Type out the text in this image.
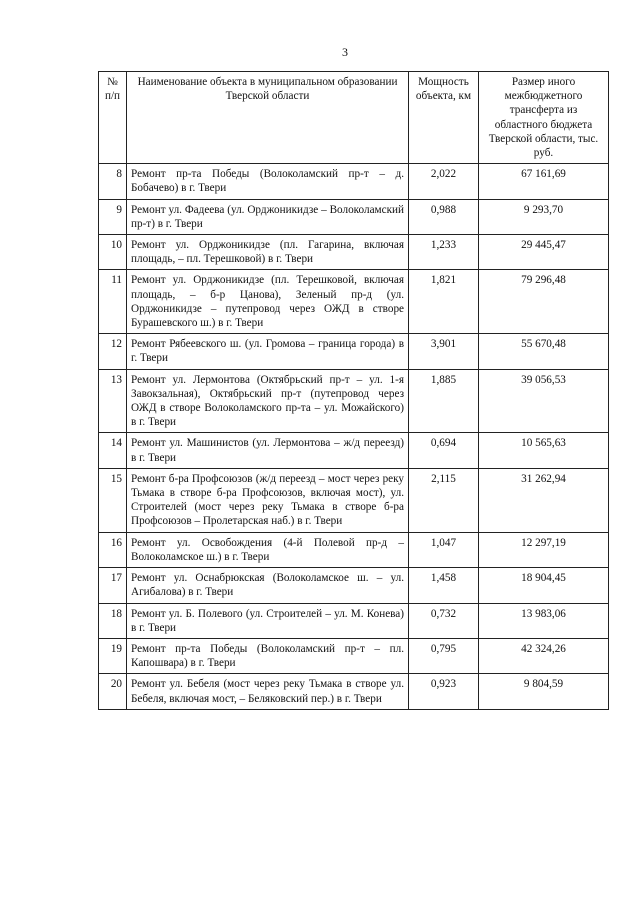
3
№ п/п	Наименование объекта в муниципальном образовании Тверской области	Мощность объекта, км	Размер иного межбюджетного трансферта из областного бюджета Тверской области, тыс. руб.
8	Ремонт пр-та Победы (Волоколамский пр-т – д. Бобачево) в г. Твери	2,022	67 161,69
9	Ремонт ул. Фадеева (ул. Орджоникидзе – Волоколамский пр-т) в г. Твери	0,988	9 293,70
10	Ремонт ул. Орджоникидзе (пл. Гагарина, включая площадь, – пл. Терешковой) в г. Твери	1,233	29 445,47
11	Ремонт ул. Орджоникидзе (пл. Терешковой, включая площадь, – б-р Цанова), Зеленый пр-д (ул. Орджоникидзе – путепровод через ОЖД в створе Бурашевского ш.) в г. Твери	1,821	79 296,48
12	Ремонт Рябеевского ш. (ул. Громова – граница города) в г. Твери	3,901	55 670,48
13	Ремонт ул. Лермонтова (Октябрьский пр-т – ул. 1-я Завокзальная), Октябрьский пр-т (путепровод через ОЖД в створе Волоколамского пр-та – ул. Можайского) в г. Твери	1,885	39 056,53
14	Ремонт ул. Машинистов (ул. Лермонтова – ж/д переезд) в г. Твери	0,694	10 565,63
15	Ремонт б-ра Профсоюзов (ж/д переезд – мост через реку Тьмака в створе б-ра Профсоюзов, включая мост), ул. Строителей (мост через реку Тьмака в створе б-ра Профсоюзов – Пролетарская наб.) в г. Твери	2,115	31 262,94
16	Ремонт ул. Освобождения (4-й Полевой пр-д – Волоколамское ш.) в г. Твери	1,047	12 297,19
17	Ремонт ул. Оснабрюкская (Волоколамское ш. – ул. Агибалова) в г. Твери	1,458	18 904,45
18	Ремонт ул. Б. Полевого (ул. Строителей – ул. М. Конева) в г. Твери	0,732	13 983,06
19	Ремонт пр-та Победы (Волоколамский пр-т – пл. Капошвара) в г. Твери	0,795	42 324,26
20	Ремонт ул. Бебеля (мост через реку Тьмака в створе ул. Бебеля, включая мост, – Беляковский пер.) в г. Твери	0,923	9 804,59
